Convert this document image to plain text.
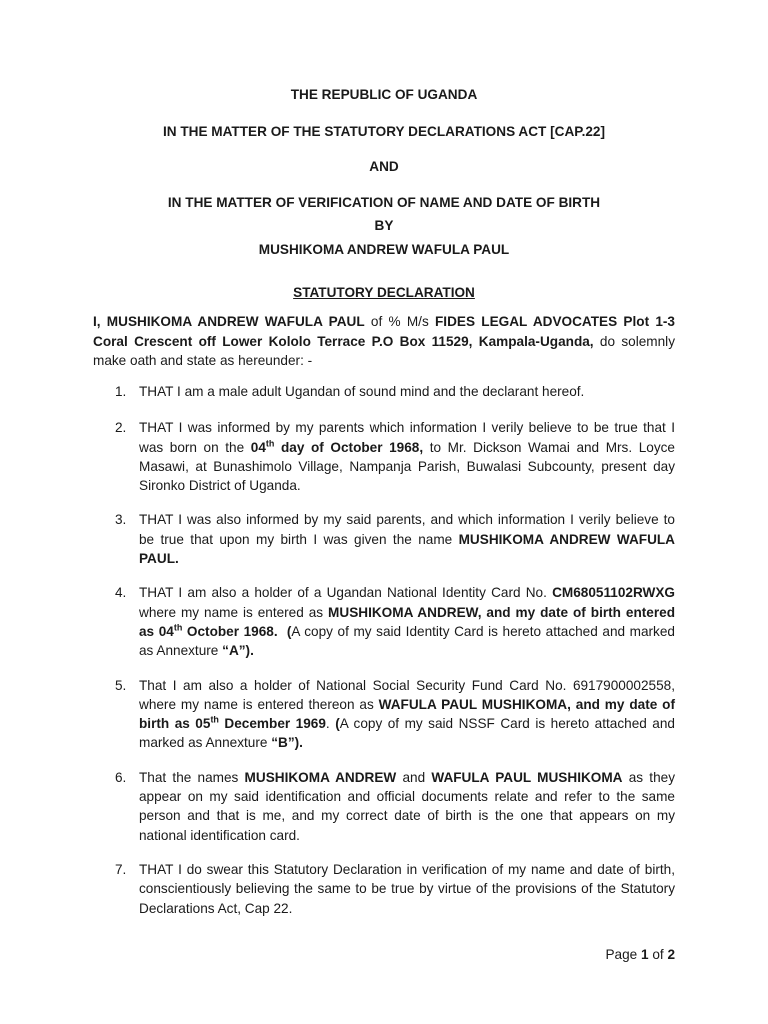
THE REPUBLIC OF UGANDA
IN THE MATTER OF THE STATUTORY DECLARATIONS ACT [CAP.22]
AND
IN THE MATTER OF VERIFICATION OF NAME AND DATE OF BIRTH
BY
MUSHIKOMA ANDREW WAFULA PAUL
STATUTORY DECLARATION
I, MUSHIKOMA ANDREW WAFULA PAUL of % M/s FIDES LEGAL ADVOCATES Plot 1-3 Coral Crescent off Lower Kololo Terrace P.O Box 11529, Kampala-Uganda, do solemnly make oath and state as hereunder: -
1. THAT I am a male adult Ugandan of sound mind and the declarant hereof.
2. THAT I was informed by my parents which information I verily believe to be true that I was born on the 04th day of October 1968, to Mr. Dickson Wamai and Mrs. Loyce Masawi, at Bunashimolo Village, Nampanja Parish, Buwalasi Subcounty, present day Sironko District of Uganda.
3. THAT I was also informed by my said parents, and which information I verily believe to be true that upon my birth I was given the name MUSHIKOMA ANDREW WAFULA PAUL.
4. THAT I am also a holder of a Ugandan National Identity Card No. CM68051102RWXG where my name is entered as MUSHIKOMA ANDREW, and my date of birth entered as 04th October 1968. (A copy of my said Identity Card is hereto attached and marked as Annexture “A”).
5. That I am also a holder of National Social Security Fund Card No. 6917900002558, where my name is entered thereon as WAFULA PAUL MUSHIKOMA, and my date of birth as 05th December 1969. (A copy of my said NSSF Card is hereto attached and marked as Annexture “B”).
6. That the names MUSHIKOMA ANDREW and WAFULA PAUL MUSHIKOMA as they appear on my said identification and official documents relate and refer to the same person and that is me, and my correct date of birth is the one that appears on my national identification card.
7. THAT I do swear this Statutory Declaration in verification of my name and date of birth, conscientiously believing the same to be true by virtue of the provisions of the Statutory Declarations Act, Cap 22.
Page 1 of 2
